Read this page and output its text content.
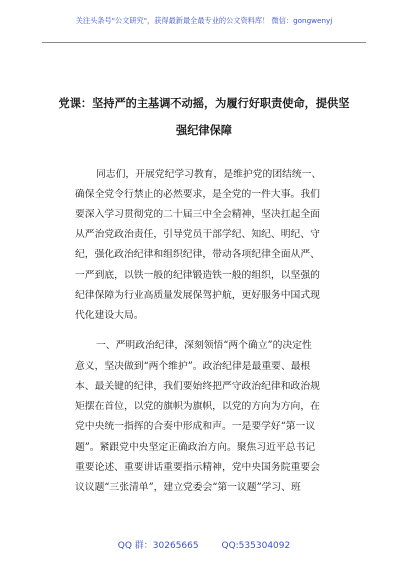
关注头条号"公文研究"，获得最新最全最专业的公文资料库！ 微信：gongwenyj
党课：坚持严的主基调不动摇，为履行好职责使命，提供坚
强纪律保障
同志们，开展党纪学习教育，是维护党的团结统一、
确保全党令行禁止的必然要求，是全党的一件大事。我们
要深入学习贯彻党的二十届三中全会精神，坚决扛起全面
从严治党政治责任，引导党员干部学纪、知纪、明纪、守
纪，强化政治纪律和组织纪律，带动各项纪律全面从严、
一严到底，以铁一般的纪律锻造铁一般的组织，以坚强的
纪律保障为行业高质量发展保驾护航，更好服务中国式现
代化建设大局。
一、严明政治纪律，深刻领悟“两个确立”的决定性
意义，坚决做到“两个维护”。政治纪律是最重要、最根
本、最关键的纪律，我们要始终把严守政治纪律和政治规
矩摆在首位，以党的旗帜为旗帜，以党的方向为方向，在
党中央统一指挥的合奏中形成和声。一是要学好“第一议
题”。紧跟党中央坚定正确政治方向。聚焦习近平总书记
重要论述、重要讲话重要指示精神，党中央国务院重要会
议议题“三张清单”，建立党委会“第一议题”学习、班
QQ 群：30265665	QQ:535304092
